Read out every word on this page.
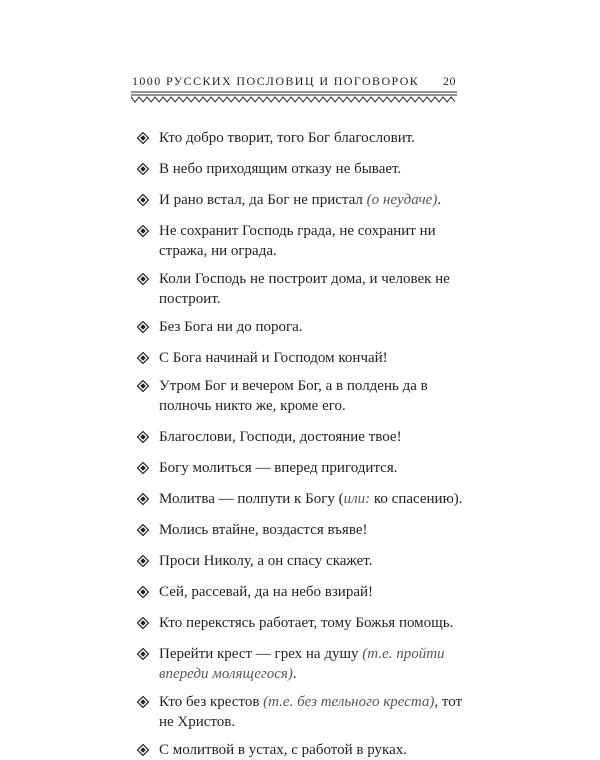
1000 РУССКИХ ПОСЛОВИЦ И ПОГОВОРОК 20
Кто добро творит, того Бог благословит.
В небо приходящим отказу не бывает.
И рано встал, да Бог не пристал (о неудаче).
Не сохранит Господь града, не сохранит ни стража, ни ограда.
Коли Господь не построит дома, и человек не построит.
Без Бога ни до порога.
С Бога начинай и Господом кончай!
Утром Бог и вечером Бог, а в полдень да в полночь никто же, кроме его.
Благослови, Господи, достояние твое!
Богу молиться — вперед пригодится.
Молитва — полпути к Богу (или: ко спасению).
Молись втайне, воздастся въяве!
Проси Николу, а он спасу скажет.
Сей, рассевай, да на небо взирай!
Кто перекстясь работает, тому Божья помощь.
Перейти крест — грех на душу (т.е. пройти впереди молящегося).
Кто без крестов (т.е. без тельного креста), тот не Христов.
С молитвой в устах, с работой в руках.
